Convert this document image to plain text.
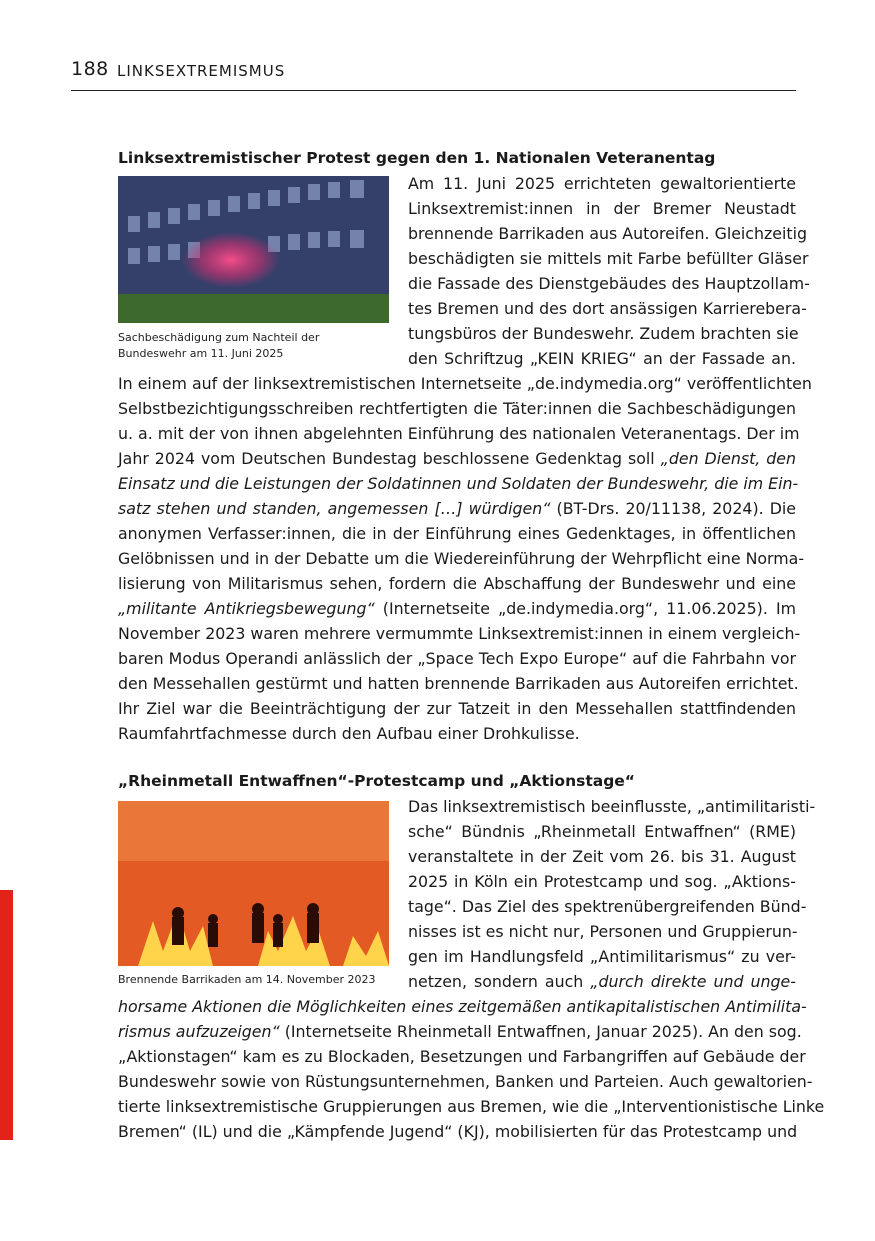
188 LINKSEXTREMISMUS
Linksextremistischer Protest gegen den 1. Nationalen Veteranentag
Sachbeschädigung zum Nachteil der
Bundeswehr am 11. Juni 2025
Am 11. Juni 2025 errichteten gewaltorientierte
Linksextremist:innen in der Bremer Neustadt
brennende Barrikaden aus Autoreifen. Gleichzeitig
beschädigten sie mittels mit Farbe befüllter Gläser
die Fassade des Dienstgebäudes des Hauptzollam-
tes Bremen und des dort ansässigen Karrierebera-
tungsbüros der Bundeswehr. Zudem brachten sie
den Schriftzug „KEIN KRIEG“ an der Fassade an.
In einem auf der linksextremistischen Internetseite „de.indymedia.org“ veröffentlichten
Selbstbezichtigungsschreiben rechtfertigten die Täter:innen die Sachbeschädigungen
u. a. mit der von ihnen abgelehnten Einführung des nationalen Veteranentags. Der im
Jahr 2024 vom Deutschen Bundestag beschlossene Gedenktag soll „den Dienst, den
Einsatz und die Leistungen der Soldatinnen und Soldaten der Bundeswehr, die im Ein-
satz stehen und standen, angemessen […] würdigen“ (BT-Drs. 20/11138, 2024). Die
anonymen Verfasser:innen, die in der Einführung eines Gedenktages, in öffentlichen
Gelöbnissen und in der Debatte um die Wiedereinführung der Wehrpflicht eine Norma-
lisierung von Militarismus sehen, fordern die Abschaffung der Bundeswehr und eine
„militante Antikriegsbewegung“ (Internetseite „de.indymedia.org“, 11.06.2025). Im
November 2023 waren mehrere vermummte Linksextremist:innen in einem vergleich-
baren Modus Operandi anlässlich der „Space Tech Expo Europe“ auf die Fahrbahn vor
den Messehallen gestürmt und hatten brennende Barrikaden aus Autoreifen errichtet.
Ihr Ziel war die Beeinträchtigung der zur Tatzeit in den Messehallen stattfindenden
Raumfahrtfachmesse durch den Aufbau einer Drohkulisse.
„Rheinmetall Entwaffnen“-Protestcamp und „Aktionstage“
Brennende Barrikaden am 14. November 2023
Das linksextremistisch beeinflusste, „antimilitaristi-
sche“ Bündnis „Rheinmetall Entwaffnen“ (RME)
veranstaltete in der Zeit vom 26. bis 31. August
2025 in Köln ein Protestcamp und sog. „Aktions-
tage“. Das Ziel des spektrenübergreifenden Bünd-
nisses ist es nicht nur, Personen und Gruppierun-
gen im Handlungsfeld „Antimilitarismus“ zu ver-
netzen, sondern auch „durch direkte und unge-
horsame Aktionen die Möglichkeiten eines zeitgemäßen antikapitalistischen Antimilita-
rismus aufzuzeigen“ (Internetseite Rheinmetall Entwaffnen, Januar 2025). An den sog.
„Aktionstagen“ kam es zu Blockaden, Besetzungen und Farbangriffen auf Gebäude der
Bundeswehr sowie von Rüstungsunternehmen, Banken und Parteien. Auch gewaltorien-
tierte linksextremistische Gruppierungen aus Bremen, wie die „Interventionistische Linke
Bremen“ (IL) und die „Kämpfende Jugend“ (KJ), mobilisierten für das Protestcamp und
